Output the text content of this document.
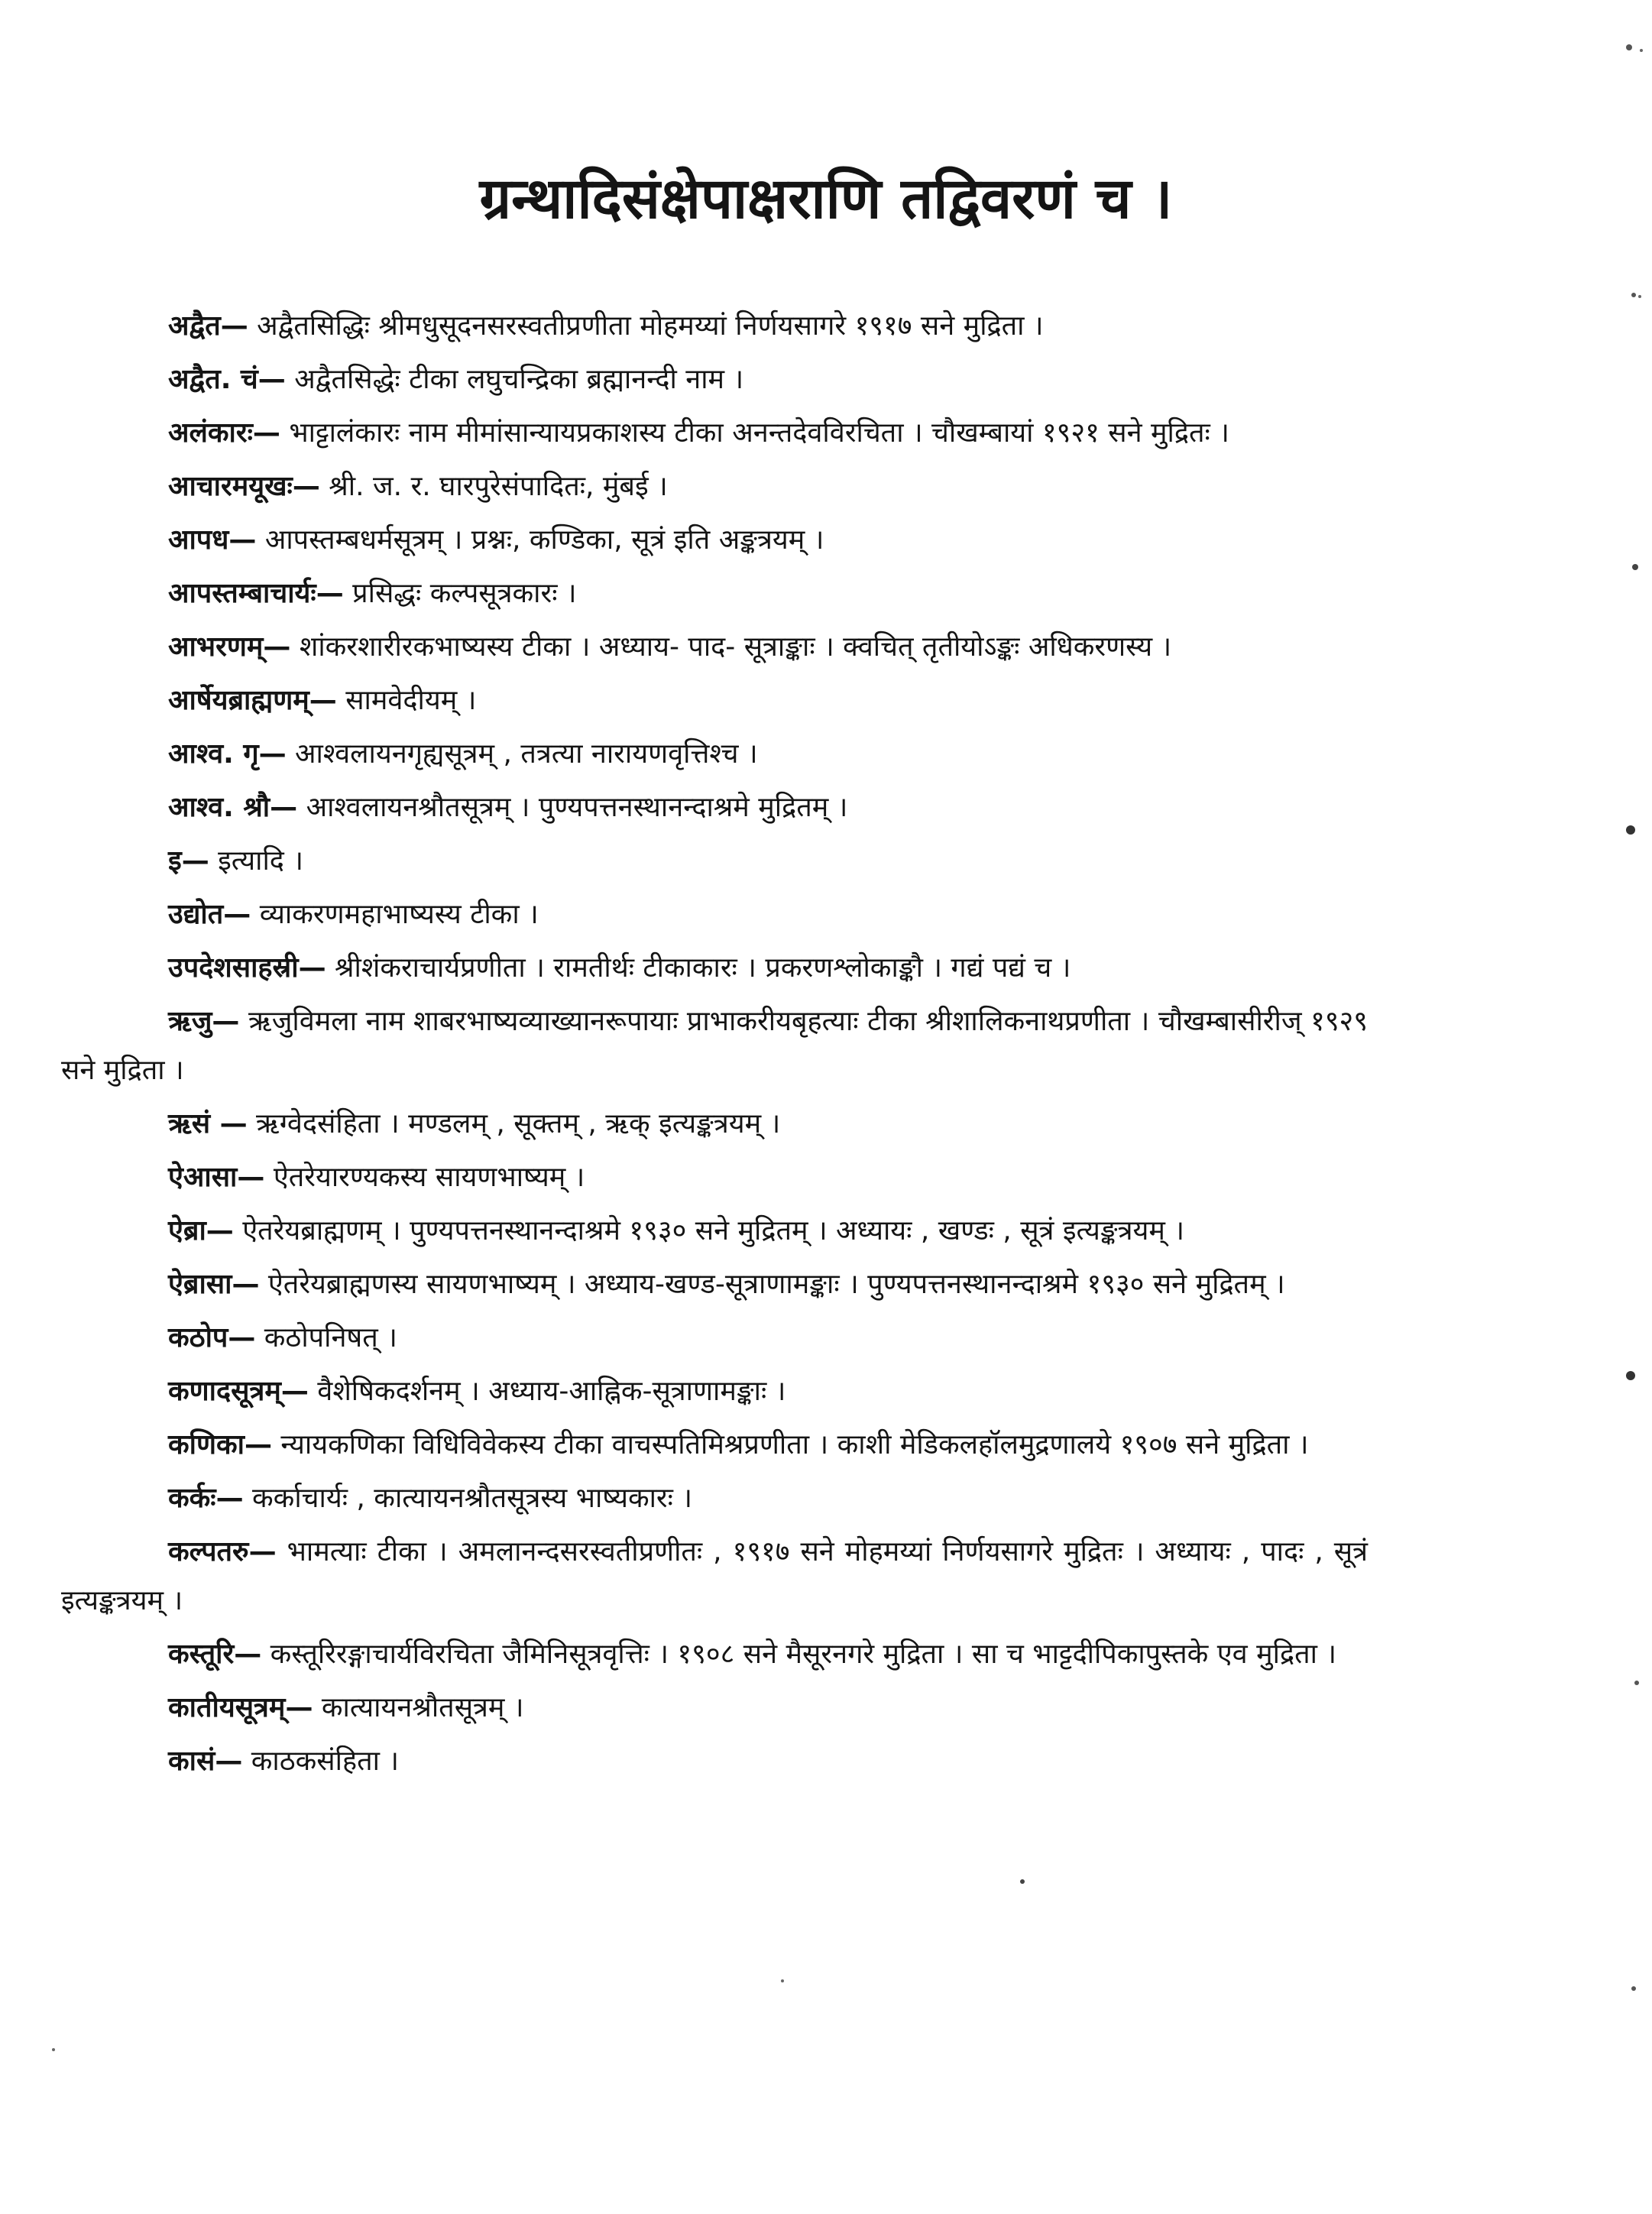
ग्रन्थादिसंक्षेपाक्षराणि तद्विवरणं च ।

अद्वैत— अद्वैतसिद्धिः श्रीमधुसूदनसरस्वतीप्रणीता मोहमय्यां निर्णयसागरे १९१७ सने मुद्रिता ।

अद्वैत. चं— अद्वैतसिद्धेः टीका लघुचन्द्रिका ब्रह्मानन्दी नाम ।

अलंकारः— भाट्टालंकारः नाम मीमांसान्यायप्रकाशस्य टीका अनन्तदेवविरचिता । चौखम्बायां १९२१ सने मुद्रितः ।

आचारमयूखः— श्री. ज. र. घारपुरेसंपादितः, मुंबई ।

आपध— आपस्तम्बधर्मसूत्रम् । प्रश्नः, कण्डिका, सूत्रं इति अङ्कत्रयम् ।

आपस्तम्बाचार्यः— प्रसिद्धः कल्पसूत्रकारः ।

आभरणम्— शांकरशारीरकभाष्यस्य टीका । अध्याय- पाद- सूत्राङ्काः । क्वचित् तृतीयोऽङ्कः अधिकरणस्य ।

आर्षेयब्राह्मणम्— सामवेदीयम् ।

आश्व. गृ— आश्वलायनगृह्यसूत्रम् , तत्रत्या नारायणवृत्तिश्च ।

आश्व. श्रौ— आश्वलायनश्रौतसूत्रम् । पुण्यपत्तनस्थानन्दाश्रमे मुद्रितम् ।

इ— इत्यादि ।

उद्योत— व्याकरणमहाभाष्यस्य टीका ।

उपदेशसाहस्री— श्रीशंकराचार्यप्रणीता । रामतीर्थः टीकाकारः । प्रकरणश्लोकाङ्कौ । गद्यं पद्यं च ।

ऋजु— ऋजुविमला नाम शाबरभाष्यव्याख्यानरूपायाः प्राभाकरीयबृहत्याः टीका श्रीशालिकनाथप्रणीता । चौखम्बासीरीज् १९२९ सने मुद्रिता ।

ऋसं — ऋग्वेदसंहिता । मण्डलम् , सूक्तम् , ऋक् इत्यङ्कत्रयम् ।

ऐआसा— ऐतरेयारण्यकस्य सायणभाष्यम् ।

ऐब्रा— ऐतरेयब्राह्मणम् । पुण्यपत्तनस्थानन्दाश्रमे १९३० सने मुद्रितम् । अध्यायः , खण्डः , सूत्रं इत्यङ्कत्रयम् ।

ऐब्रासा— ऐतरेयब्राह्मणस्य सायणभाष्यम् । अध्याय-खण्ड-सूत्राणामङ्काः । पुण्यपत्तनस्थानन्दाश्रमे १९३० सने मुद्रितम् ।

कठोप— कठोपनिषत् ।

कणादसूत्रम्— वैशेषिकदर्शनम् । अध्याय-आह्निक-सूत्राणामङ्काः ।

कणिका— न्यायकणिका विधिविवेकस्य टीका वाचस्पतिमिश्रप्रणीता । काशी मेडिकलहॉलमुद्रणालये १९०७ सने मुद्रिता ।

कर्कः— कर्काचार्यः , कात्यायनश्रौतसूत्रस्य भाष्यकारः ।

कल्पतरु— भामत्याः टीका । अमलानन्दसरस्वतीप्रणीतः , १९१७ सने मोहमय्यां निर्णयसागरे मुद्रितः । अध्यायः , पादः , सूत्रं इत्यङ्कत्रयम् ।

कस्तूरि— कस्तूरिरङ्गाचार्यविरचिता जैमिनिसूत्रवृत्तिः । १९०८ सने मैसूरनगरे मुद्रिता । सा च भाट्टदीपिकापुस्तके एव मुद्रिता ।

कातीयसूत्रम्— कात्यायनश्रौतसूत्रम् ।

कासं— काठकसंहिता ।
